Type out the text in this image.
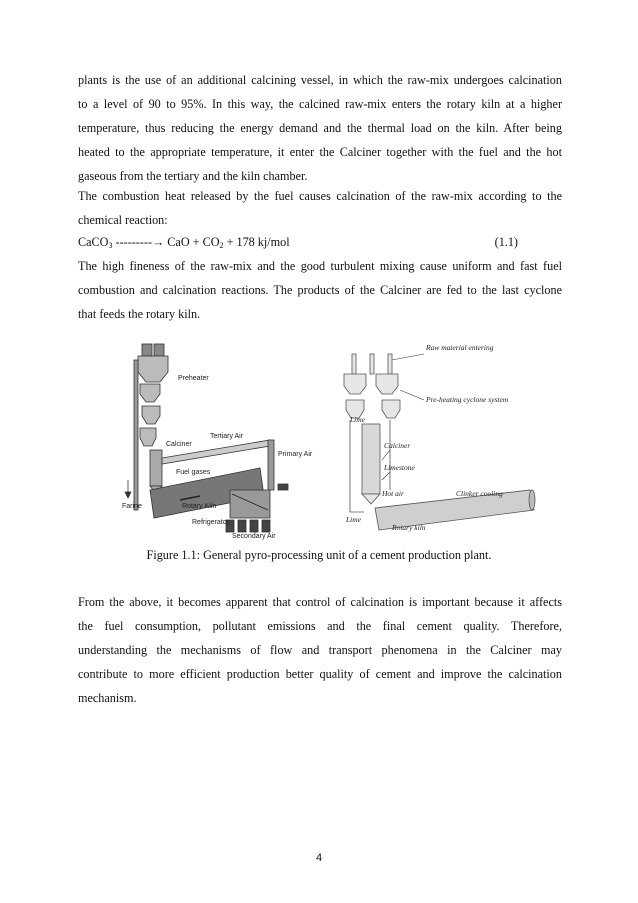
plants is the use of an additional calcining vessel, in which the raw-mix undergoes calcination
to a level of 90 to 95%. In this way, the calcined raw-mix enters the rotary kiln at a higher
temperature, thus reducing the energy demand and the thermal load on the kiln. After being
heated to the appropriate temperature, it enter the Calciner together with the fuel and the hot
gaseous from the tertiary and the kiln chamber.

The combustion heat released by the fuel causes calcination of the raw-mix according to the
chemical reaction:

CaCO$_3$ ---------→ CaO + $CO_2 + 178$ kj/mol	(1.1)

The high fineness of the raw-mix and the good turbulent mixing cause uniform and fast fuel
combustion and calcination reactions. The products of the Calciner are fed to the last cyclone
that feeds the rotary kiln.

Preheater
Calciner
Tertiary Air
Fuel gases
Primary Air
Farine	Rotary Kiln
Refrigerator
Secondary Air
Raw material entering
Pre-heating cyclone system
Lime
Calciner
Limestone
Hot air	Clinker cooling
Lime
Rotary kiln
Figure 1.1: General pyro-processing unit of a cement production plant.

From the above, it becomes apparent that control of calcination is important because it affects
the fuel consumption, pollutant emissions and the final cement quality. Therefore,
understanding the mechanisms of flow and transport phenomena in the Calciner may
contribute to more efficient production better quality of cement and improve the calcination
mechanism.

4
